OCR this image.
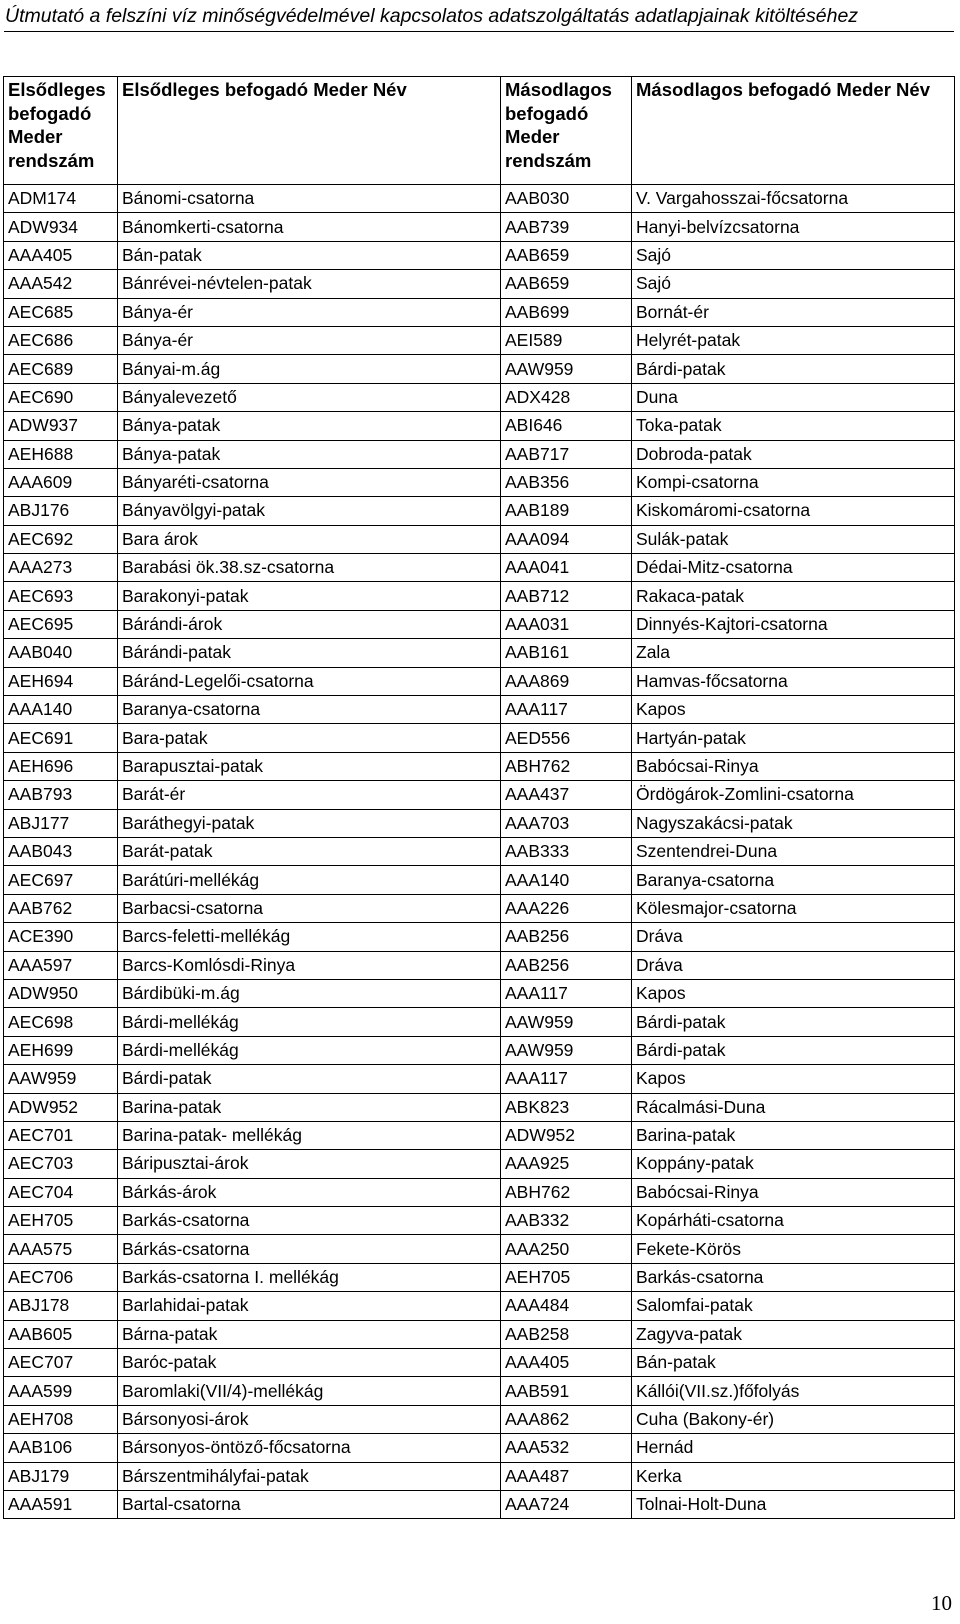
Útmutató a felszíni víz minőségvédelmével kapcsolatos adatszolgáltatás adatlapjainak kitöltéséhez
Elsődleges befogadó Meder rendszám	Elsődleges befogadó Meder Név	Másodlagos befogadó Meder rendszám	Másodlagos befogadó Meder Név
ADM174	Bánomi-csatorna	AAB030	V. Vargahosszai-főcsatorna
ADW934	Bánomkerti-csatorna	AAB739	Hanyi-belvízcsatorna
AAA405	Bán-patak	AAB659	Sajó
AAA542	Bánrévei-névtelen-patak	AAB659	Sajó
AEC685	Bánya-ér	AAB699	Bornát-ér
AEC686	Bánya-ér	AEI589	Helyrét-patak
AEC689	Bányai-m.ág	AAW959	Bárdi-patak
AEC690	Bányalevezető	ADX428	Duna
ADW937	Bánya-patak	ABI646	Toka-patak
AEH688	Bánya-patak	AAB717	Dobroda-patak
AAA609	Bányaréti-csatorna	AAB356	Kompi-csatorna
ABJ176	Bányavölgyi-patak	AAB189	Kiskomáromi-csatorna
AEC692	Bara árok	AAA094	Sulák-patak
AAA273	Barabási ök.38.sz-csatorna	AAA041	Dédai-Mitz-csatorna
AEC693	Barakonyi-patak	AAB712	Rakaca-patak
AEC695	Bárándi-árok	AAA031	Dinnyés-Kajtori-csatorna
AAB040	Bárándi-patak	AAB161	Zala
AEH694	Báránd-Legelői-csatorna	AAA869	Hamvas-főcsatorna
AAA140	Baranya-csatorna	AAA117	Kapos
AEC691	Bara-patak	AED556	Hartyán-patak
AEH696	Barapusztai-patak	ABH762	Babócsai-Rinya
AAB793	Barát-ér	AAA437	Ördögárok-Zomlini-csatorna
ABJ177	Baráthegyi-patak	AAA703	Nagyszakácsi-patak
AAB043	Barát-patak	AAB333	Szentendrei-Duna
AEC697	Barátúri-mellékág	AAA140	Baranya-csatorna
AAB762	Barbacsi-csatorna	AAA226	Kölesmajor-csatorna
ACE390	Barcs-feletti-mellékág	AAB256	Dráva
AAA597	Barcs-Komlósdi-Rinya	AAB256	Dráva
ADW950	Bárdibüki-m.ág	AAA117	Kapos
AEC698	Bárdi-mellékág	AAW959	Bárdi-patak
AEH699	Bárdi-mellékág	AAW959	Bárdi-patak
AAW959	Bárdi-patak	AAA117	Kapos
ADW952	Barina-patak	ABK823	Rácalmási-Duna
AEC701	Barina-patak- mellékág	ADW952	Barina-patak
AEC703	Báripusztai-árok	AAA925	Koppány-patak
AEC704	Bárkás-árok	ABH762	Babócsai-Rinya
AEH705	Barkás-csatorna	AAB332	Kopárháti-csatorna
AAA575	Bárkás-csatorna	AAA250	Fekete-Körös
AEC706	Barkás-csatorna I. mellékág	AEH705	Barkás-csatorna
ABJ178	Barlahidai-patak	AAA484	Salomfai-patak
AAB605	Bárna-patak	AAB258	Zagyva-patak
AEC707	Baróc-patak	AAA405	Bán-patak
AAA599	Baromlaki(VII/4)-mellékág	AAB591	Kállói(VII.sz.)főfolyás
AEH708	Bársonyosi-árok	AAA862	Cuha (Bakony-ér)
AAB106	Bársonyos-öntöző-főcsatorna	AAA532	Hernád
ABJ179	Bárszentmihályfai-patak	AAA487	Kerka
AAA591	Bartal-csatorna	AAA724	Tolnai-Holt-Duna
10
